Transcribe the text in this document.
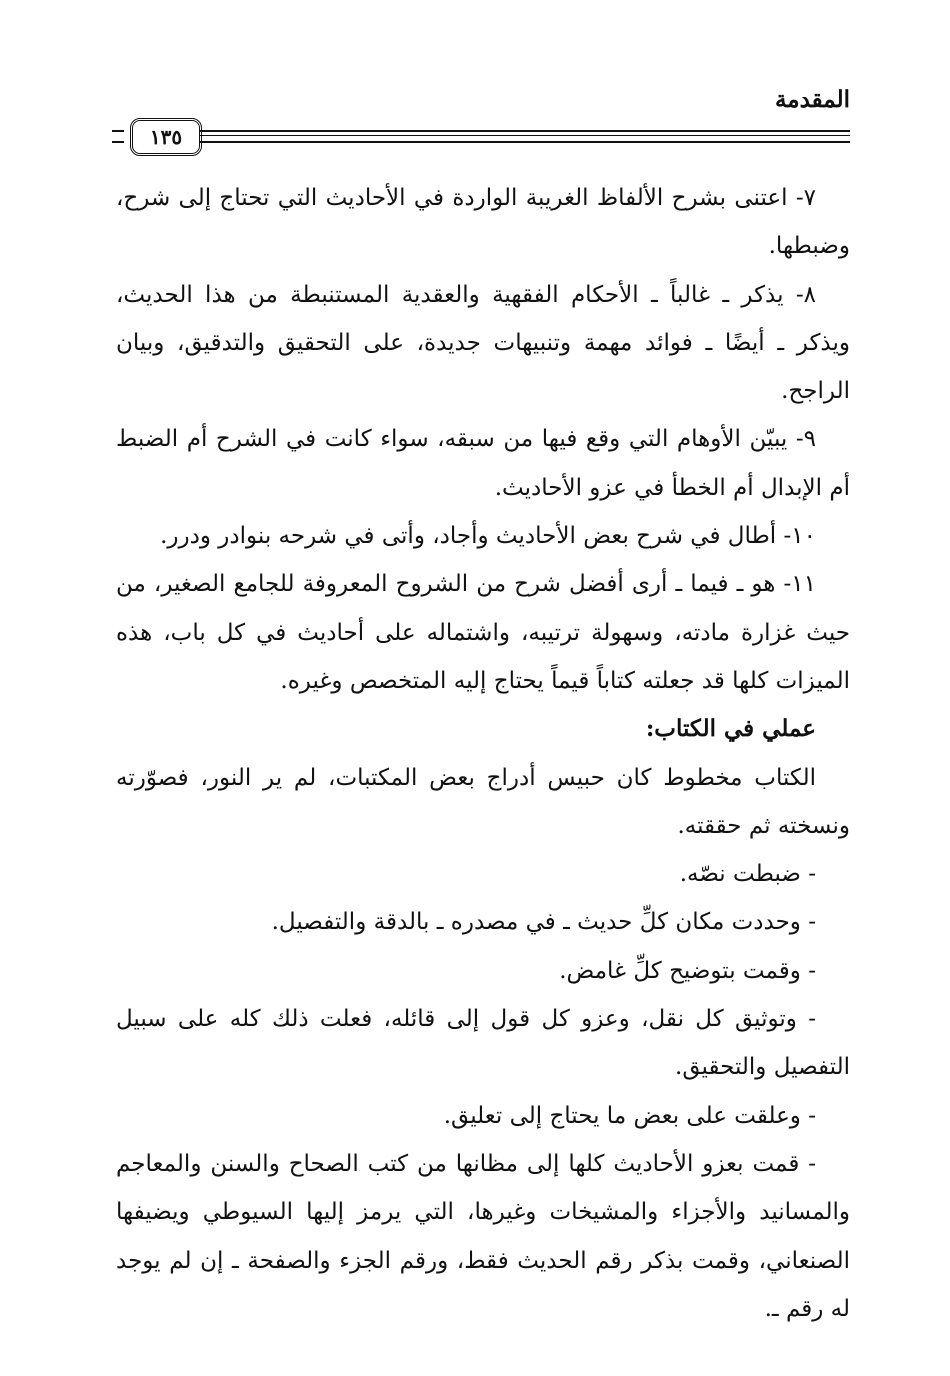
المقدمة
١٣٥

٧- اعتنى بشرح الألفاظ الغريبة الواردة في الأحاديث التي تحتاج إلى شرح، وضبطها.

٨- يذكر ـ غالباً ـ الأحكام الفقهية والعقدية المستنبطة من هذا الحديث، ويذكر ـ أيضًا ـ فوائد مهمة وتنبيهات جديدة، على التحقيق والتدقيق، وبيان الراجح.

٩- يبيّن الأوهام التي وقع فيها من سبقه، سواء كانت في الشرح أم الضبط أم الإبدال أم الخطأ في عزو الأحاديث.

١٠- أطال في شرح بعض الأحاديث وأجاد، وأتى في شرحه بنوادر ودرر.

١١- هو ـ فيما ـ أرى أفضل شرح من الشروح المعروفة للجامع الصغير، من حيث غزارة مادته، وسهولة ترتيبه، واشتماله على أحاديث في كل باب، هذه الميزات كلها قد جعلته كتاباً قيماً يحتاج إليه المتخصص وغيره.

عملي في الكتاب:

الكتاب مخطوط كان حبيس أدراج بعض المكتبات، لم ير النور، فصوّرته ونسخته ثم حققته.

- ضبطت نصّه.

- وحددت مكان كلِّ حديث ـ في مصدره ـ بالدقة والتفصيل.

- وقمت بتوضيح كلِّ غامض.

- وتوثيق كل نقل، وعزو كل قول إلى قائله، فعلت ذلك كله على سبيل التفصيل والتحقيق.

- وعلقت على بعض ما يحتاج إلى تعليق.

- قمت بعزو الأحاديث كلها إلى مظانها من كتب الصحاح والسنن والمعاجم والمسانيد والأجزاء والمشيخات وغيرها، التي يرمز إليها السيوطي ويضيفها الصنعاني، وقمت بذكر رقم الحديث فقط، ورقم الجزء والصفحة ـ إن لم يوجد له رقم ـ.
